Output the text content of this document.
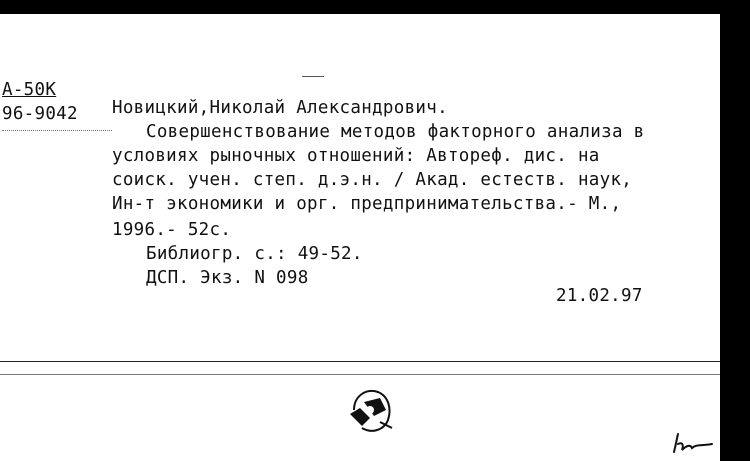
А-50К
96-9042 Новицкий,Николай Александрович.
Совершенствование методов факторного анализа в
условиях рыночных отношений: Автореф. дис. на
соиск. учен. степ. д.э.н. / Акад. естеств. наук,
Ин-т экономики и орг. предпринимательства.- М.,
1996.- 52с.
Библиогр. с.: 49-52.
ДСП. Экз. N 098
21.02.97
